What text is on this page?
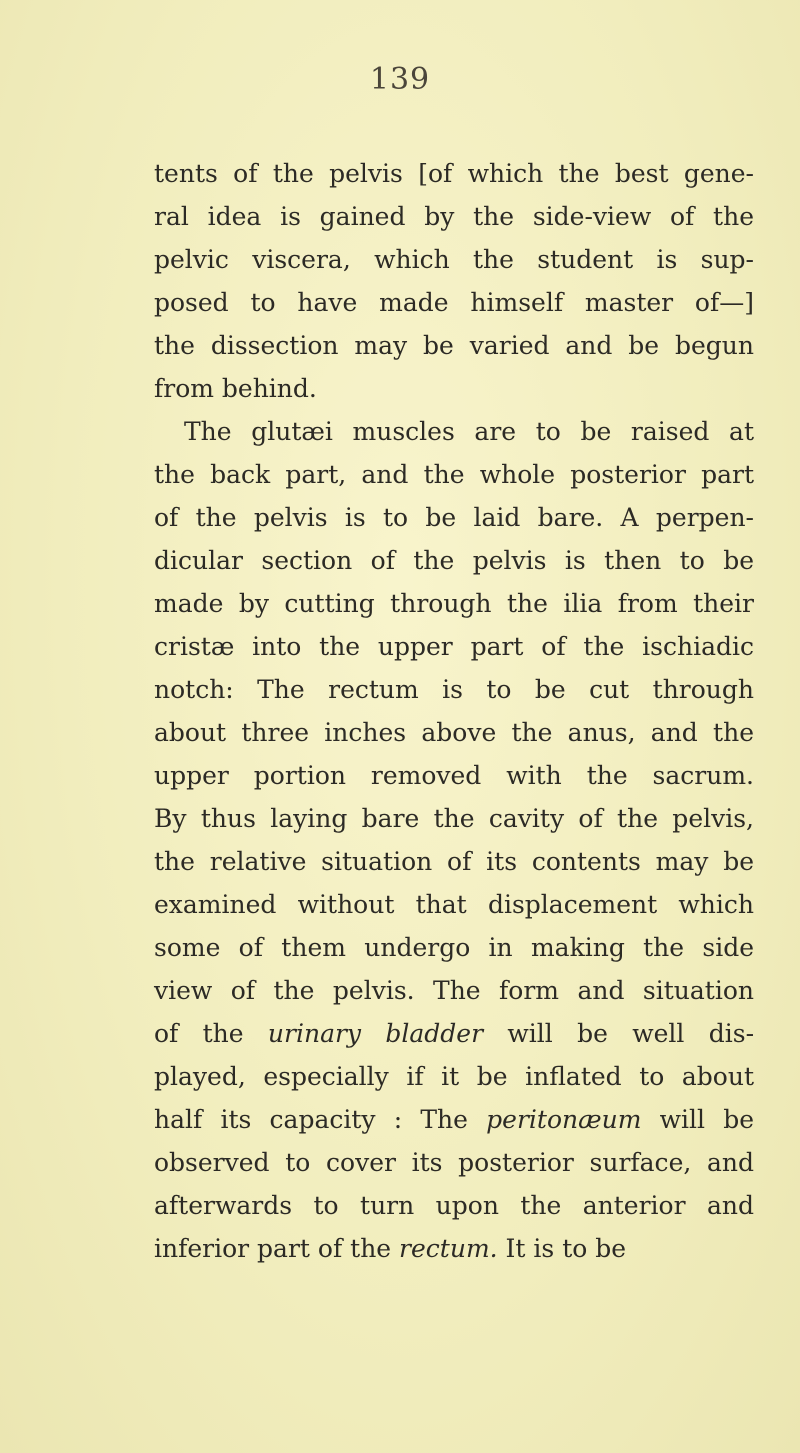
139
tents of the pelvis [of which the best gene-
ral idea is gained by the side-view of the
pelvic viscera, which the student is sup-
posed to have made himself master of—]
the dissection may be varied and be begun
from behind.
The glutæi muscles are to be raised at
the back part, and the whole posterior part
of the pelvis is to be laid bare. A perpen-
dicular section of the pelvis is then to be
made by cutting through the ilia from their
cristæ into the upper part of the ischiadic
notch: The rectum is to be cut through
about three inches above the anus, and the
upper portion removed with the sacrum.
By thus laying bare the cavity of the pelvis,
the relative situation of its contents may be
examined without that displacement which
some of them undergo in making the side
view of the pelvis. The form and situation
of the urinary bladder will be well dis-
played, especially if it be inflated to about
half its capacity : The peritonæum will be
observed to cover its posterior surface, and
afterwards to turn upon the anterior and
inferior part of the rectum. It is to be
